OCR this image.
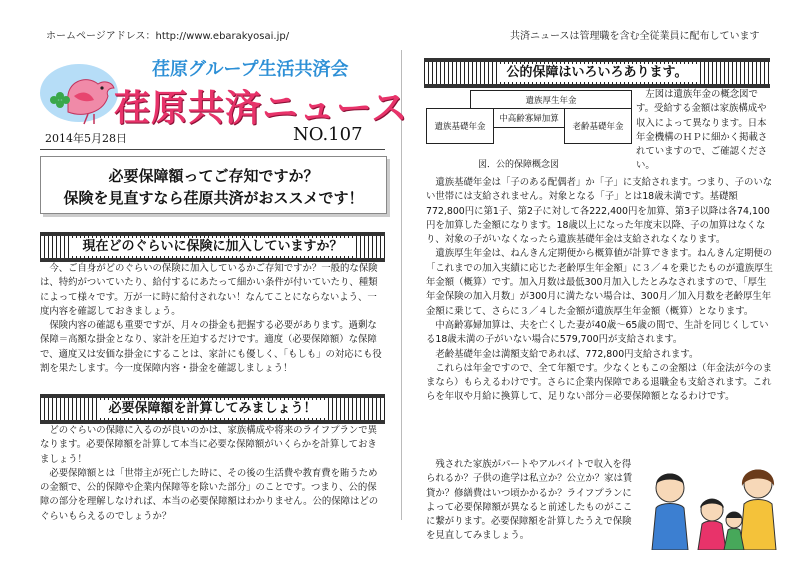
ホームページアドレス：http://www.ebarakyosai.jp/	共済ニュースは管理職を含む全従業員に配布しています
荏原グループ生活共済会
荏原共済ニュース
2014年5月28日	NO.107
必要保障額ってご存知ですか？
保険を見直すなら荏原共済がおススメです！
現在どのぐらいに保険に加入していますか？

今、ご自身がどのぐらいの保険に加入しているかご存知ですか？一般的な保険は、特約がついていたり、給付するにあたって細かい条件が付いていたり、種類によって様々です。万が一に時に給付されない！なんてことにならないよう、一度内容を確認しておきましょう。

保険内容の確認も重要ですが、月々の掛金も把握する必要があります。過剰な保障＝高額な掛金となり、家計を圧迫するだけです。適度（必要保障額）な保障で、適度又は安価な掛金にすることは、家計にも優しく、「もしも」の対応にも役割を果たします。今一度保障内容・掛金を確認しましょう！

必要保障額を計算してみましょう！

どのぐらいの保障に入るのが良いのかは、家族構成や将来のライフプランで異なります。必要保障額を計算して本当に必要な保障額がいくらかを計算しておきましょう！

必要保障額とは「世帯主が死亡した時に、その後の生活費や教育費を賄うための金額で、公的保障や企業内保障等を除いた部分」のことです。つまり、公的保障の部分を理解しなければ、本当の必要保障額はわかりません。公的保障はどのぐらいもらえるのでしょうか？

公的保障はいろいろあります。
遺族厚生年金
中高齢寡婦加算
老齢基礎年金
遺族基礎年金
図．公的保障概念図

左図は遺族年金の概念図です。受給する金額は家族構成や収入によって異なります。日本年金機構のＨＰに細かく掲載されていますので、ご確認ください。

遺族基礎年金は「子のある配偶者」か「子」に支給されます。つまり、子のいない世帯には支給されません。対象となる「子」とは18歳未満です。基礎額772,800円に第1子、第2子に対して各222,400円を加算、第3子以降は各74,100円を加算した金額になります。18歳以上になった年度末以降、子の加算はなくなり、対象の子がいなくなったら遺族基礎年金は支給されなくなります。

遺族厚生年金は、ねんきん定期便から概算値が計算できます。ねんきん定期便の「これまでの加入実績に応じた老齢厚生年金額」に３／４を乗じたものが遺族厚生年金額（概算）です。加入月数は最低300月加入したとみなされますので、「厚生年金保険の加入月数」が300月に満たない場合は、300月／加入月数を老齢厚生年金額に乗じて、さらに３／４した金額が遺族厚生年金額（概算）となります。

中高齢寡婦加算は、夫を亡くした妻が40歳～65歳の間で、生計を同じくしている18歳未満の子がいない場合に579,700円が支給されます。

老齢基礎年金は満額支給であれば、772,800円支給されます。

これらは年金ですので、全て年額です。少なくともこの金額は（年金法が今のままなら）もらえるわけです。さらに企業内保障である退職金も支給されます。これらを年収や月給に換算して、足りない部分＝必要保障額となるわけです。

残された家族がパートやアルバイトで収入を得られるか？子供の進学は私立か？公立か？家は賃貸か？修繕費はいつ頃かかるか？ライフプランによって必要保障額が異なると前述したものがここに繋がります。必要保障額を計算したうえで保険を見直してみましょう。
